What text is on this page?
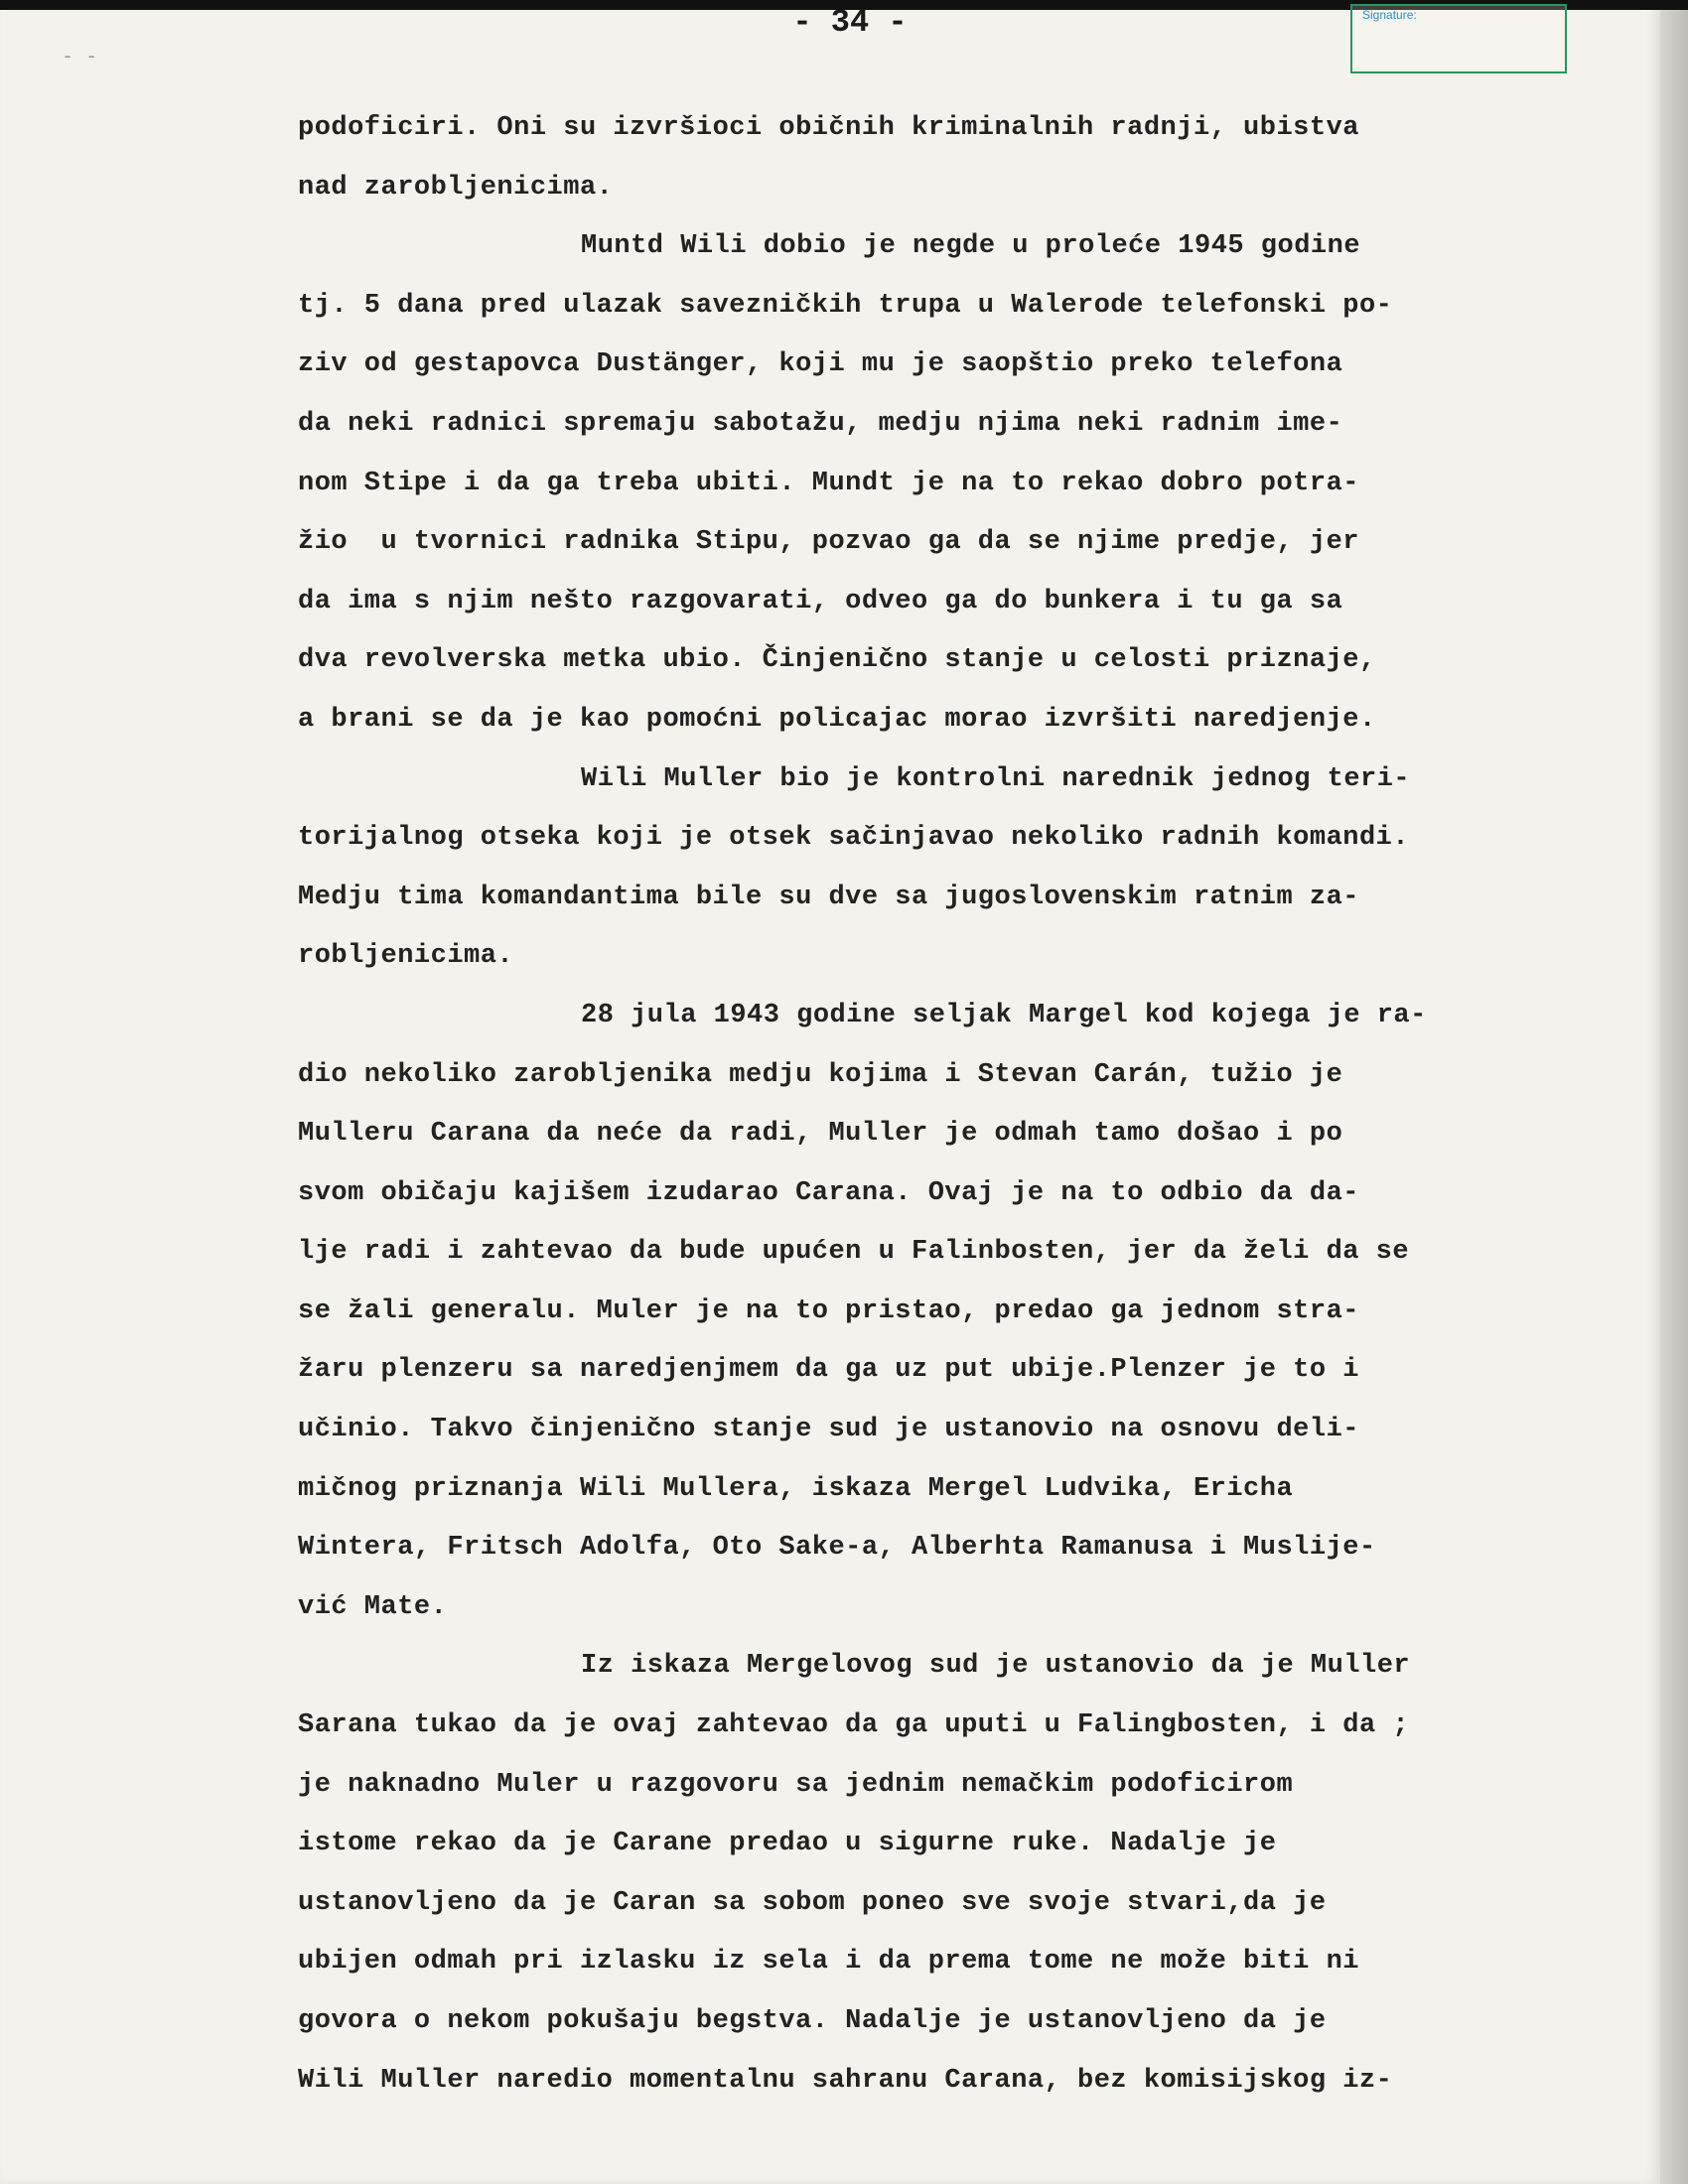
Signature:
- -
- 34 -
podoficiri. Oni su izvršioci običnih kriminalnih radnji, ubistva
nad zarobljenicima.
Muntd Wili dobio je negde u proleće 1945 godine
tj. 5 dana pred ulazak savezničkih trupa u Walerode telefonski po-
ziv od gestapovca Dustänger, koji mu je saopštio preko telefona
da neki radnici spremaju sabotažu, medju njima neki radnim ime-
nom Stipe i da ga treba ubiti. Mundt je na to rekao dobro potra-
žio  u tvornici radnika Stipu, pozvao ga da se njime predje, jer
da ima s njim nešto razgovarati, odveo ga do bunkera i tu ga sa
dva revolverska metka ubio. Činjenično stanje u celosti priznaje,
a brani se da je kao pomoćni policajac morao izvršiti naredjenje.
Wili Muller bio je kontrolni narednik jednog teri-
torijalnog otseka koji je otsek sačinjavao nekoliko radnih komandi.
Medju tima komandantima bile su dve sa jugoslovenskim ratnim za-
robljenicima.
28 jula 1943 godine seljak Margel kod kojega je ra-
dio nekoliko zarobljenika medju kojima i Stevan Carán, tužio je
Mulleru Carana da neće da radi, Muller je odmah tamo došao i po
svom običaju kajišem izudarao Carana. Ovaj je na to odbio da da-
lje radi i zahtevao da bude upućen u Falinbosten, jer da želi da se
se žali generalu. Muler je na to pristao, predao ga jednom stra-
žaru plenzeru sa naredjenjmem da ga uz put ubije.Plenzer je to i
učinio. Takvo činjenično stanje sud je ustanovio na osnovu deli-
mičnog priznanja Wili Mullera, iskaza Mergel Ludvika, Ericha
Wintera, Fritsch Adolfa, Oto Sake-a, Alberhta Ramanusa i Muslije-
vić Mate.
Iz iskaza Mergelovog sud je ustanovio da je Muller
Sarana tukao da je ovaj zahtevao da ga uputi u Falingbosten, i da ;
je naknadno Muler u razgovoru sa jednim nemačkim podoficirom
istome rekao da je Carane predao u sigurne ruke. Nadalje je
ustanovljeno da je Caran sa sobom poneo sve svoje stvari,da je
ubijen odmah pri izlasku iz sela i da prema tome ne može biti ni
govora o nekom pokušaju begstva. Nadalje je ustanovljeno da je
Wili Muller naredio momentalnu sahranu Carana, bez komisijskog iz-
